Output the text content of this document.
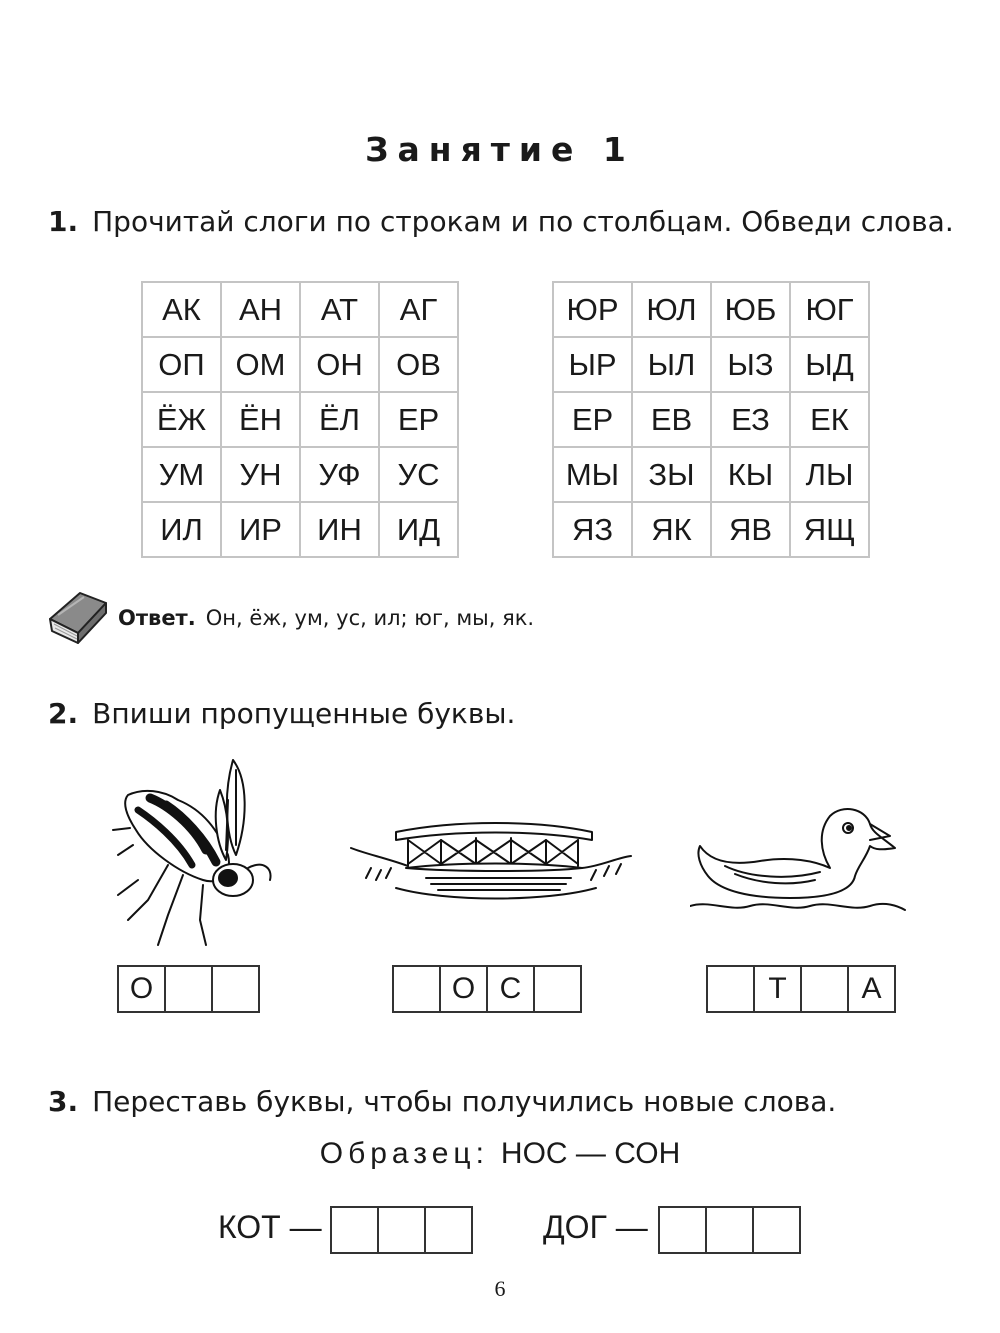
Занятие 1
1. Прочитай слоги по строкам и по столбцам. Обведи слова.
АК	АН	АТ	АГ
ОП	ОМ	ОН	ОВ
ЁЖ	ЁН	ЁЛ	ЕР
УМ	УН	УФ	УС
ИЛ	ИР	ИН	ИД
ЮР	ЮЛ	ЮБ	ЮГ
ЫР	ЫЛ	ЫЗ	ЫД
ЕР	ЕВ	ЕЗ	ЕК
МЫ	ЗЫ	КЫ	ЛЫ
ЯЗ	ЯК	ЯВ	ЯЩ
Ответ. Он, ёж, ум, ус, ил; юг, мы, як.
2. Впиши пропущенные буквы.
О	О С	Т	А
3. Переставь буквы, чтобы получились новые слова.
Образец: НОС — СОН
КОТ —	ДОГ —
6
